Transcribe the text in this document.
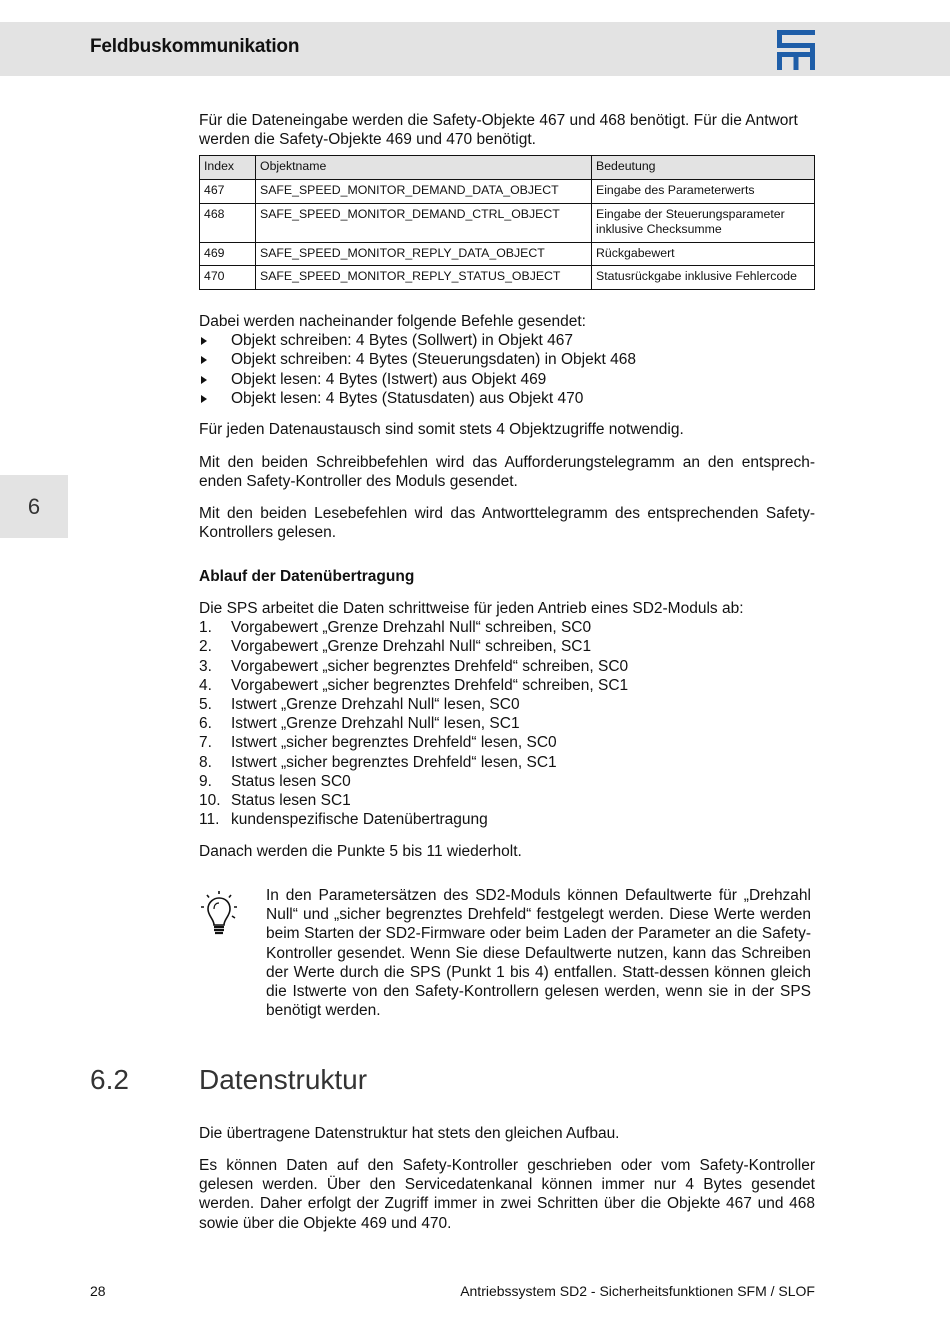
Feldbuskommunikation
6

Für die Dateneingabe werden die Safety-Objekte 467 und 468 benötigt. Für die Antwort werden die Safety-Objekte 469 und 470 benötigt.

Index	Objektname	Bedeutung
467	SAFE_SPEED_MONITOR_DEMAND_DATA_OBJECT	Eingabe des Parameterwerts
468	SAFE_SPEED_MONITOR_DEMAND_CTRL_OBJECT	Eingabe der Steuerungsparameter inklusive Checksumme
469	SAFE_SPEED_MONITOR_REPLY_DATA_OBJECT	Rückgabewert
470	SAFE_SPEED_MONITOR_REPLY_STATUS_OBJECT	Statusrückgabe inklusive Fehlercode

Dabei werden nacheinander folgende Befehle gesendet:

Objekt schreiben: 4 Bytes (Sollwert) in Objekt 467
Objekt schreiben: 4 Bytes (Steuerungsdaten) in Objekt 468
Objekt lesen: 4 Bytes (Istwert) aus Objekt 469
Objekt lesen: 4 Bytes (Statusdaten) aus Objekt 470

Für jeden Datenaustausch sind somit stets 4 Objektzugriffe notwendig.

Mit den beiden Schreibbefehlen wird das Aufforderungstelegramm an den entsprech-enden Safety-Kontroller des Moduls gesendet.

Mit den beiden Lesebefehlen wird das Antworttelegramm des entsprechenden Safety-Kontrollers gelesen.

Ablauf der Datenübertragung

Die SPS arbeitet die Daten schrittweise für jeden Antrieb eines SD2-Moduls ab:

1. Vorgabewert „Grenze Drehzahl Null“ schreiben, SC0
2. Vorgabewert „Grenze Drehzahl Null“ schreiben, SC1
3. Vorgabewert „sicher begrenztes Drehfeld“ schreiben, SC0
4. Vorgabewert „sicher begrenztes Drehfeld“ schreiben, SC1
5. Istwert „Grenze Drehzahl Null“ lesen, SC0
6. Istwert „Grenze Drehzahl Null“ lesen, SC1
7. Istwert „sicher begrenztes Drehfeld“ lesen, SC0
8. Istwert „sicher begrenztes Drehfeld“ lesen, SC1
9. Status lesen SC0
10. Status lesen SC1
11. kundenspezifische Datenübertragung

Danach werden die Punkte 5 bis 11 wiederholt.

In den Parametersätzen des SD2-Moduls können Defaultwerte für „Drehzahl Null“ und „sicher begrenztes Drehfeld“ festgelegt werden. Diese Werte werden beim Starten der SD2-Firmware oder beim Laden der Parameter an die Safety-Kontroller gesendet. Wenn Sie diese Defaultwerte nutzen, kann das Schreiben der Werte durch die SPS (Punkt 1 bis 4) entfallen. Statt-dessen können gleich die Istwerte von den Safety-Kontrollern gelesen werden, wenn sie in der SPS benötigt werden.

6.2	Datenstruktur

Die übertragene Datenstruktur hat stets den gleichen Aufbau.

Es können Daten auf den Safety-Kontroller geschrieben oder vom Safety-Kontroller gelesen werden. Über den Servicedatenkanal können immer nur 4 Bytes gesendet werden. Daher erfolgt der Zugriff immer in zwei Schritten über die Objekte 467 und 468 sowie über die Objekte 469 und 470.

28	Antriebssystem SD2 - Sicherheitsfunktionen SFM / SLOF
